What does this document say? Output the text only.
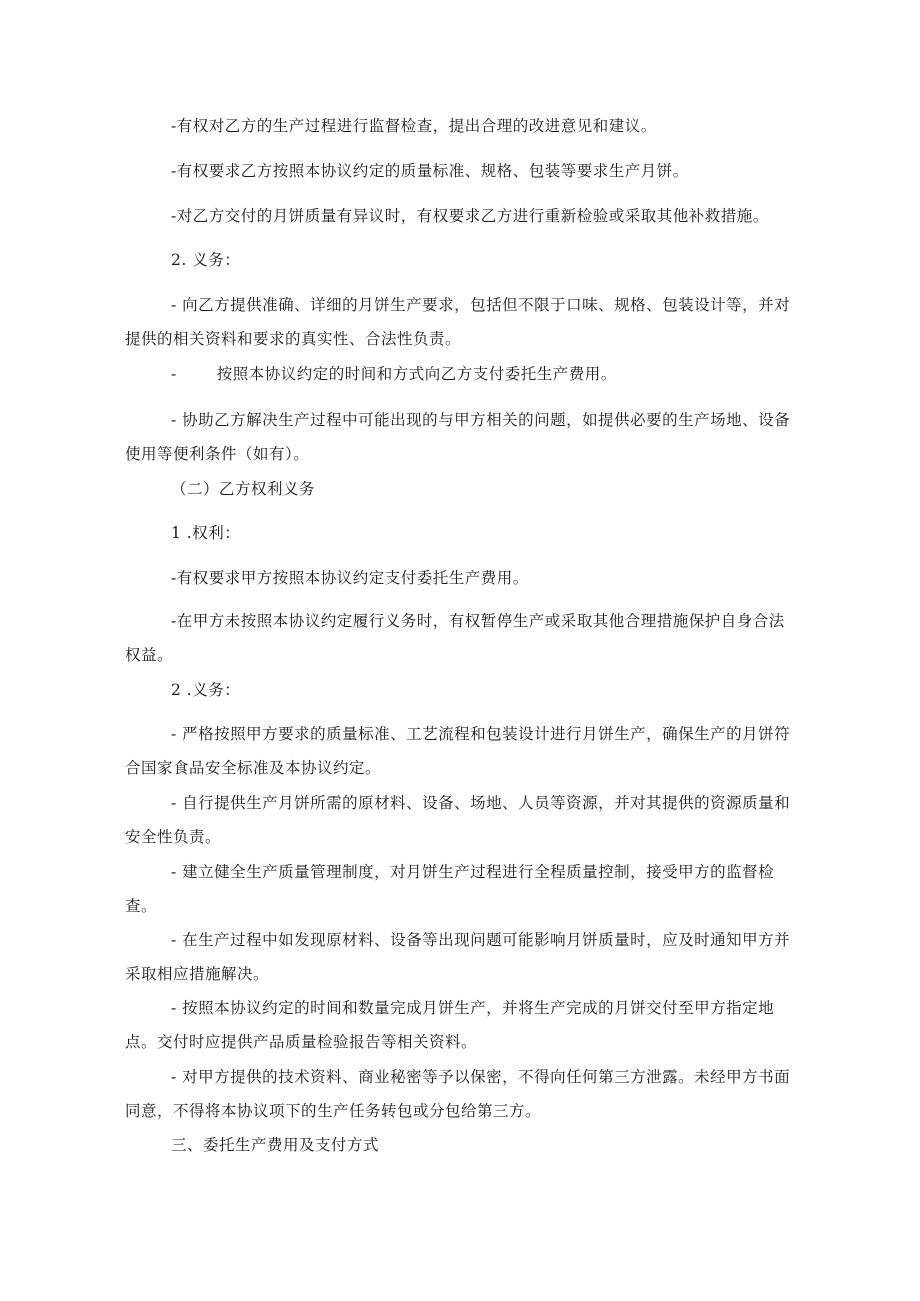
-有权对乙方的生产过程进行监督检查，提出合理的改进意见和建议。
-有权要求乙方按照本协议约定的质量标准、规格、包装等要求生产月饼。
-对乙方交付的月饼质量有异议时，有权要求乙方进行重新检验或采取其他补救措施。
2. 义务：
- 向乙方提供准确、详细的月饼生产要求，包括但不限于口味、规格、包装设计等，并对提供的相关资料和要求的真实性、合法性负责。
-	按照本协议约定的时间和方式向乙方支付委托生产费用。
- 协助乙方解决生产过程中可能出现的与甲方相关的问题，如提供必要的生产场地、设备使用等便利条件（如有）。
（二）乙方权利义务
1 .权利：
-有权要求甲方按照本协议约定支付委托生产费用。
-在甲方未按照本协议约定履行义务时，有权暂停生产或采取其他合理措施保护自身合法权益。
2 .义务：
- 严格按照甲方要求的质量标准、工艺流程和包装设计进行月饼生产，确保生产的月饼符合国家食品安全标准及本协议约定。
- 自行提供生产月饼所需的原材料、设备、场地、人员等资源，并对其提供的资源质量和安全性负责。
- 建立健全生产质量管理制度，对月饼生产过程进行全程质量控制，接受甲方的监督检查。
- 在生产过程中如发现原材料、设备等出现问题可能影响月饼质量时，应及时通知甲方并采取相应措施解决。
- 按照本协议约定的时间和数量完成月饼生产，并将生产完成的月饼交付至甲方指定地点。交付时应提供产品质量检验报告等相关资料。
- 对甲方提供的技术资料、商业秘密等予以保密，不得向任何第三方泄露。未经甲方书面同意，不得将本协议项下的生产任务转包或分包给第三方。
三、委托生产费用及支付方式
